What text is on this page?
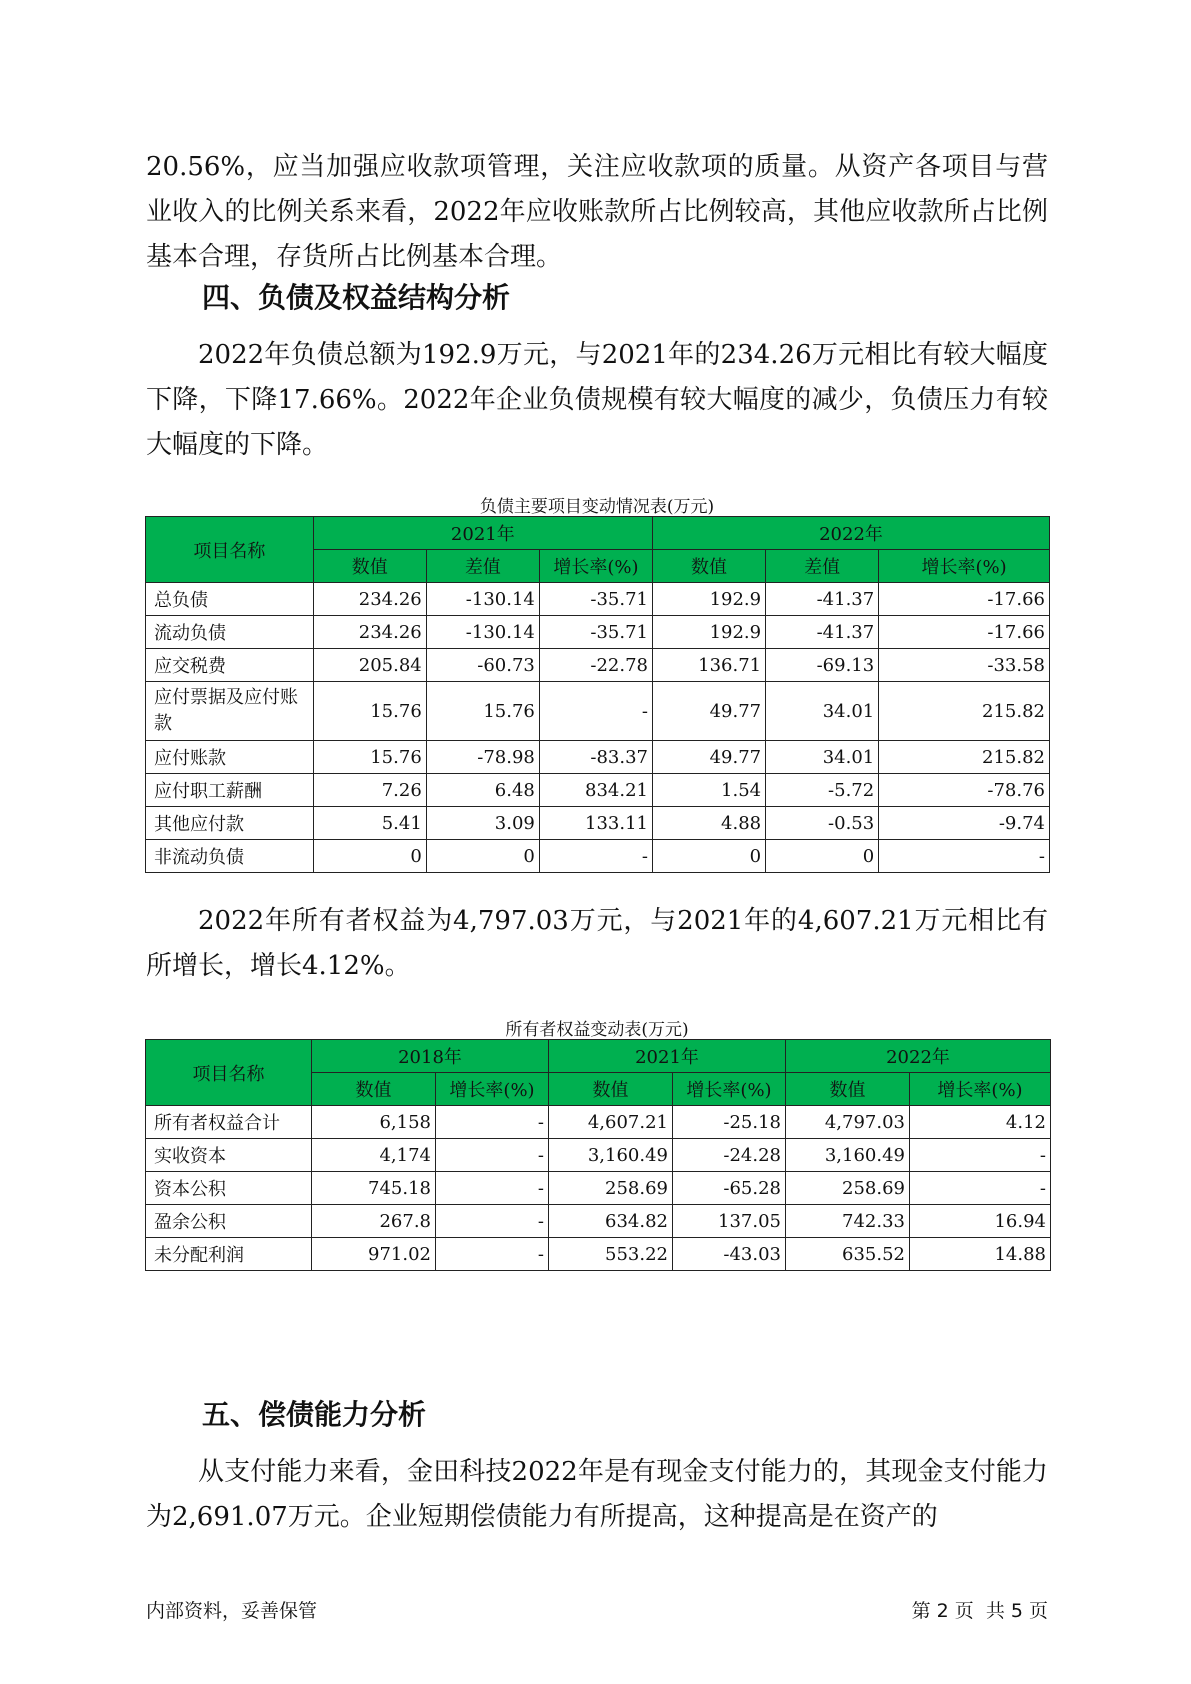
20.56%，应当加强应收款项管理，关注应收款项的质量。从资产各项目与营业收入的比例关系来看，2022年应收账款所占比例较高，其他应收款所占比例基本合理，存货所占比例基本合理。

四、负债及权益结构分析

2022年负债总额为192.9万元，与2021年的234.26万元相比有较大幅度下降，下降17.66%。2022年企业负债规模有较大幅度的减少，负债压力有较大幅度的下降。

负债主要项目变动情况表(万元)

项目名称	2021年			2022年		
	数值	差值	增长率(%)	数值	差值	增长率(%)
总负债	234.26	-130.14	-35.71	192.9	-41.37	-17.66
流动负债	234.26	-130.14	-35.71	192.9	-41.37	-17.66
应交税费	205.84	-60.73	-22.78	136.71	-69.13	-33.58
应付票据及应付账款	15.76	15.76	-	49.77	34.01	215.82
应付账款	15.76	-78.98	-83.37	49.77	34.01	215.82
应付职工薪酬	7.26	6.48	834.21	1.54	-5.72	-78.76
其他应付款	5.41	3.09	133.11	4.88	-0.53	-9.74
非流动负债	0	0	-	0	0	-

2022年所有者权益为4,797.03万元，与2021年的4,607.21万元相比有所增长，增长4.12%。

所有者权益变动表(万元)

项目名称	2018年		2021年		2022年	
	数值	增长率(%)	数值	增长率(%)	数值	增长率(%)
所有者权益合计	6,158	-	4,607.21	-25.18	4,797.03	4.12
实收资本	4,174	-	3,160.49	-24.28	3,160.49	-
资本公积	745.18	-	258.69	-65.28	258.69	-
盈余公积	267.8	-	634.82	137.05	742.33	16.94
未分配利润	971.02	-	553.22	-43.03	635.52	14.88
五、偿债能力分析

从支付能力来看，金田科技2022年是有现金支付能力的，其现金支付能力为2,691.07万元。企业短期偿债能力有所提高，这种提高是在资产的

内部资料，妥善保管	第 2 页  共 5 页
